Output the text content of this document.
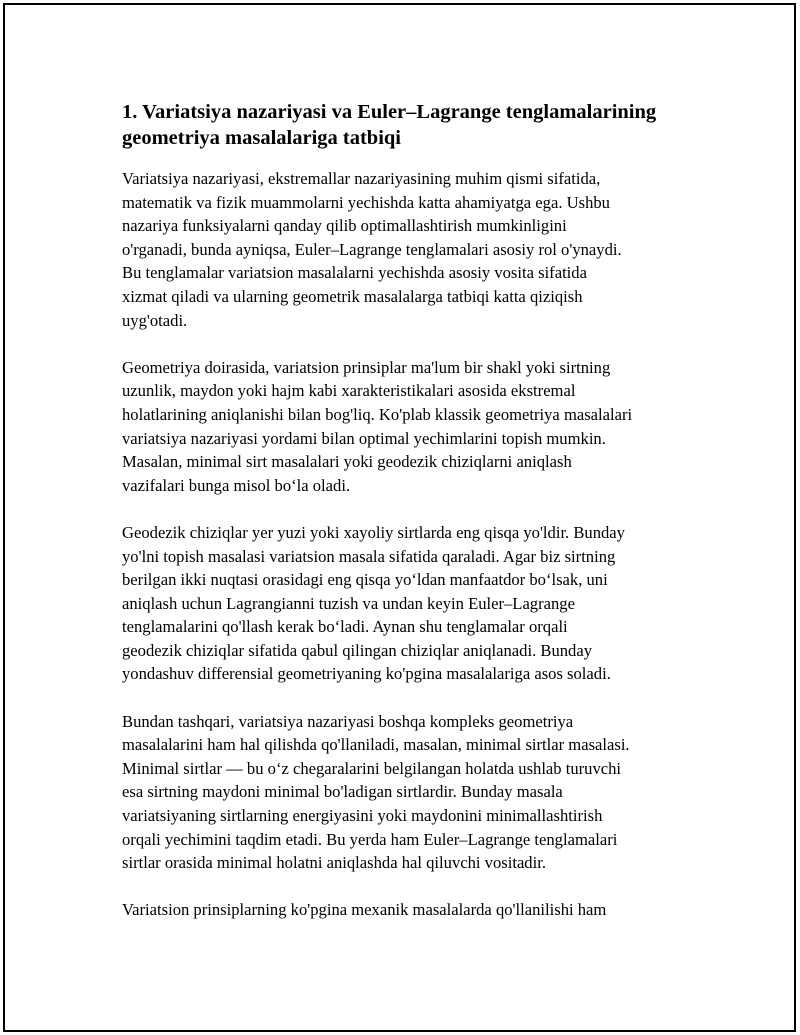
1. Variatsiya nazariyasi va Euler–Lagrange tenglamalarining
geometriya masalalariga tatbiqi

Variatsiya nazariyasi, ekstremallar nazariyasining muhim qismi sifatida,
matematik va fizik muammolarni yechishda katta ahamiyatga ega. Ushbu
nazariya funksiyalarni qanday qilib optimallashtirish mumkinligini
o'rganadi, bunda ayniqsa, Euler–Lagrange tenglamalari asosiy rol o'ynaydi.
Bu tenglamalar variatsion masalalarni yechishda asosiy vosita sifatida
xizmat qiladi va ularning geometrik masalalarga tatbiqi katta qiziqish
uyg'otadi.

Geometriya doirasida, variatsion prinsiplar ma'lum bir shakl yoki sirtning
uzunlik, maydon yoki hajm kabi xarakteristikalari asosida ekstremal
holatlarining aniqlanishi bilan bog'liq. Ko'plab klassik geometriya masalalari
variatsiya nazariyasi yordami bilan optimal yechimlarini topish mumkin.
Masalan, minimal sirt masalalari yoki geodezik chiziqlarni aniqlash
vazifalari bunga misol bo‘la oladi.

Geodezik chiziqlar yer yuzi yoki xayoliy sirtlarda eng qisqa yo'ldir. Bunday
yo'lni topish masalasi variatsion masala sifatida qaraladi. Agar biz sirtning
berilgan ikki nuqtasi orasidagi eng qisqa yo‘ldan manfaatdor bo‘lsak, uni
aniqlash uchun Lagrangianni tuzish va undan keyin Euler–Lagrange
tenglamalarini qo'llash kerak bo‘ladi. Aynan shu tenglamalar orqali
geodezik chiziqlar sifatida qabul qilingan chiziqlar aniqlanadi. Bunday
yondashuv differensial geometriyaning ko'pgina masalalariga asos soladi.

Bundan tashqari, variatsiya nazariyasi boshqa kompleks geometriya
masalalarini ham hal qilishda qo'llaniladi, masalan, minimal sirtlar masalasi.
Minimal sirtlar — bu o‘z chegaralarini belgilangan holatda ushlab turuvchi
esa sirtning maydoni minimal bo'ladigan sirtlardir. Bunday masala
variatsiyaning sirtlarning energiyasini yoki maydonini minimallashtirish
orqali yechimini taqdim etadi. Bu yerda ham Euler–Lagrange tenglamalari
sirtlar orasida minimal holatni aniqlashda hal qiluvchi vositadir.

Variatsion prinsiplarning ko'pgina mexanik masalalarda qo'llanilishi ham
